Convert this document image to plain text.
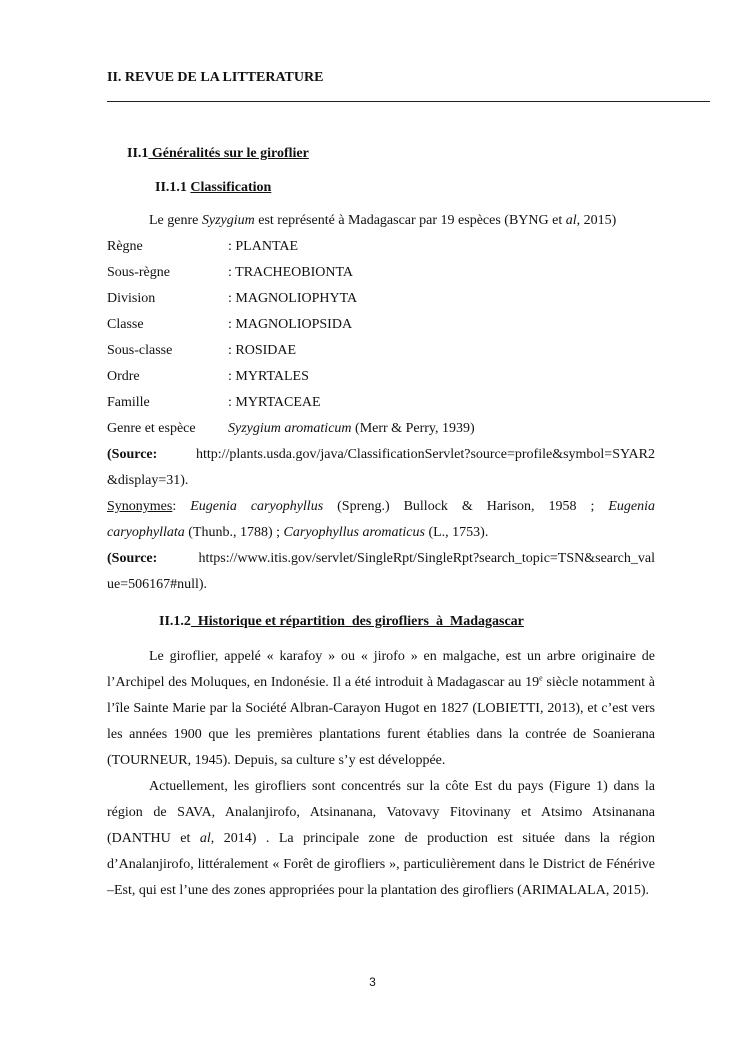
II. REVUE DE LA LITTERATURE
II.1 Généralités sur le giroflier
II.1.1 Classification
Le genre Syzygium est représenté à Madagascar par 19 espèces (BYNG et al, 2015)
Règne	: PLANTAE
Sous-règne	: TRACHEOBIONTA
Division	: MAGNOLIOPHYTA
Classe	: MAGNOLIOPSIDA
Sous-classe	: ROSIDAE
Ordre	: MYRTALES
Famille	: MYRTACEAE
Genre et espèce Syzygium aromaticum (Merr & Perry, 1939)
(Source: http://plants.usda.gov/java/ClassificationServlet?source=profile&symbol=SYAR2
&display=31).
Synonymes: Eugenia caryophyllus (Spreng.) Bullock & Harison, 1958 ; Eugenia
caryophyllata (Thunb., 1788) ; Caryophyllus aromaticus (L., 1753).
(Source: https://www.itis.gov/servlet/SingleRpt/SingleRpt?search_topic=TSN&search_val
ue=506167#null).
II.1.2  Historique et répartition  des girofliers  à  Madagascar
Le giroflier, appelé « karafoy » ou « jirofo » en malgache, est un arbre originaire de l’Archipel des Moluques, en Indonésie. Il a été introduit à Madagascar au 19e siècle notamment à l’île Sainte Marie par la Société Albran-Carayon Hugot en 1827 (LOBIETTI, 2013), et c’est vers les années 1900 que les premières plantations furent établies dans la contrée de Soanierana (TOURNEUR, 1945). Depuis, sa culture s’y est développée.
Actuellement, les girofliers sont concentrés sur la côte Est du pays (Figure 1) dans la région de SAVA, Analanjirofo, Atsinanana, Vatovavy Fitovinany et Atsimo Atsinanana (DANTHU et al, 2014) . La principale zone de production est située dans la région d’Analanjirofo, littéralement « Forêt de girofliers », particulièrement dans le District de Fénérive –Est, qui est l’une des zones appropriées pour la plantation des girofliers (ARIMALALA, 2015).
3
